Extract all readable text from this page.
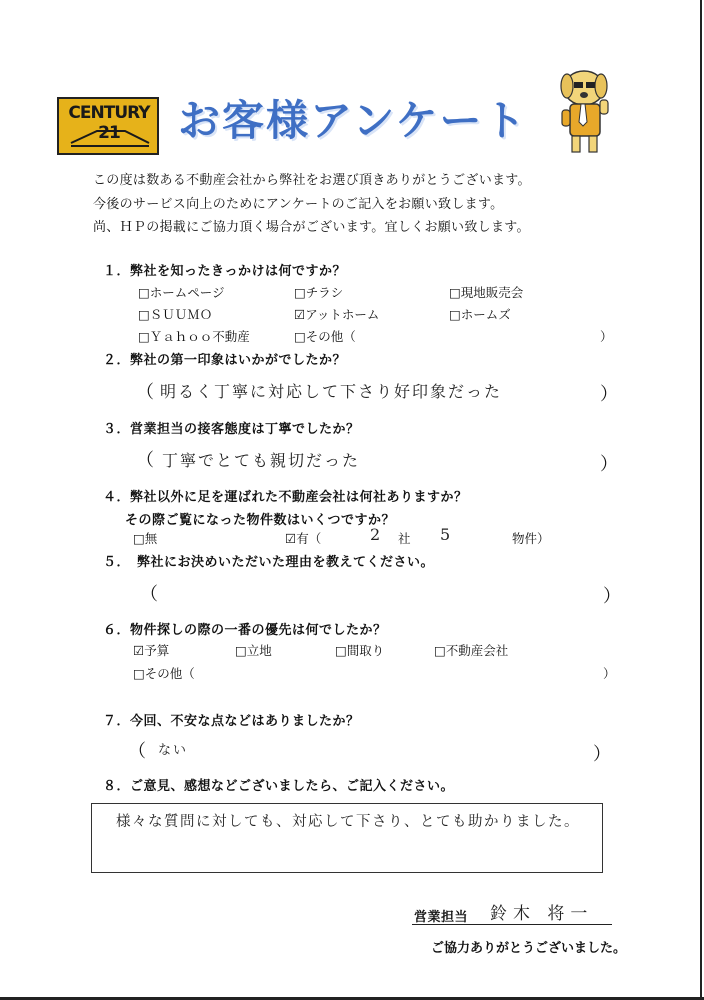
CENTURY 21	お客様アンケート
この度は数ある不動産会社から弊社をお選び頂きありがとうございます。
今後のサービス向上のためにアンケートのご記入をお願い致します。
尚、ＨＰの掲載にご協力頂く場合がございます。宜しくお願い致します。
１．弊社を知ったきっかけは何ですか？
□ホームページ	□チラシ	□現地販売会
□ＳＵＵＭＯ	☑アットホーム	□ホームズ
□Ｙａｈｏｏ不動産	□その他（	）
２．弊社の第一印象はいかがでしたか？
（ 明るく丁寧に対応して下さり好印象だった	）
３．営業担当の接客態度は丁寧でしたか？
（ 丁寧でとても親切だった	）
４．弊社以外に足を運ばれた不動産会社は何社ありますか？
その際ご覧になった物件数はいくつですか？
□無	☑有（	2 社 5	物件）
５．　弊社にお決めいただいた理由を教えてください。
（	）
６．物件探しの際の一番の優先は何でしたか？
☑予算	□立地	□間取り	□不動産会社
□その他（	）
７．今回、不安な点などはありましたか？
（ ない	）
８．ご意見、感想などございましたら、ご記入ください。
様々な質問に対しても、対応して下さり、とても助かりました。
営業担当 鈴木 将一
ご協力ありがとうございました。
